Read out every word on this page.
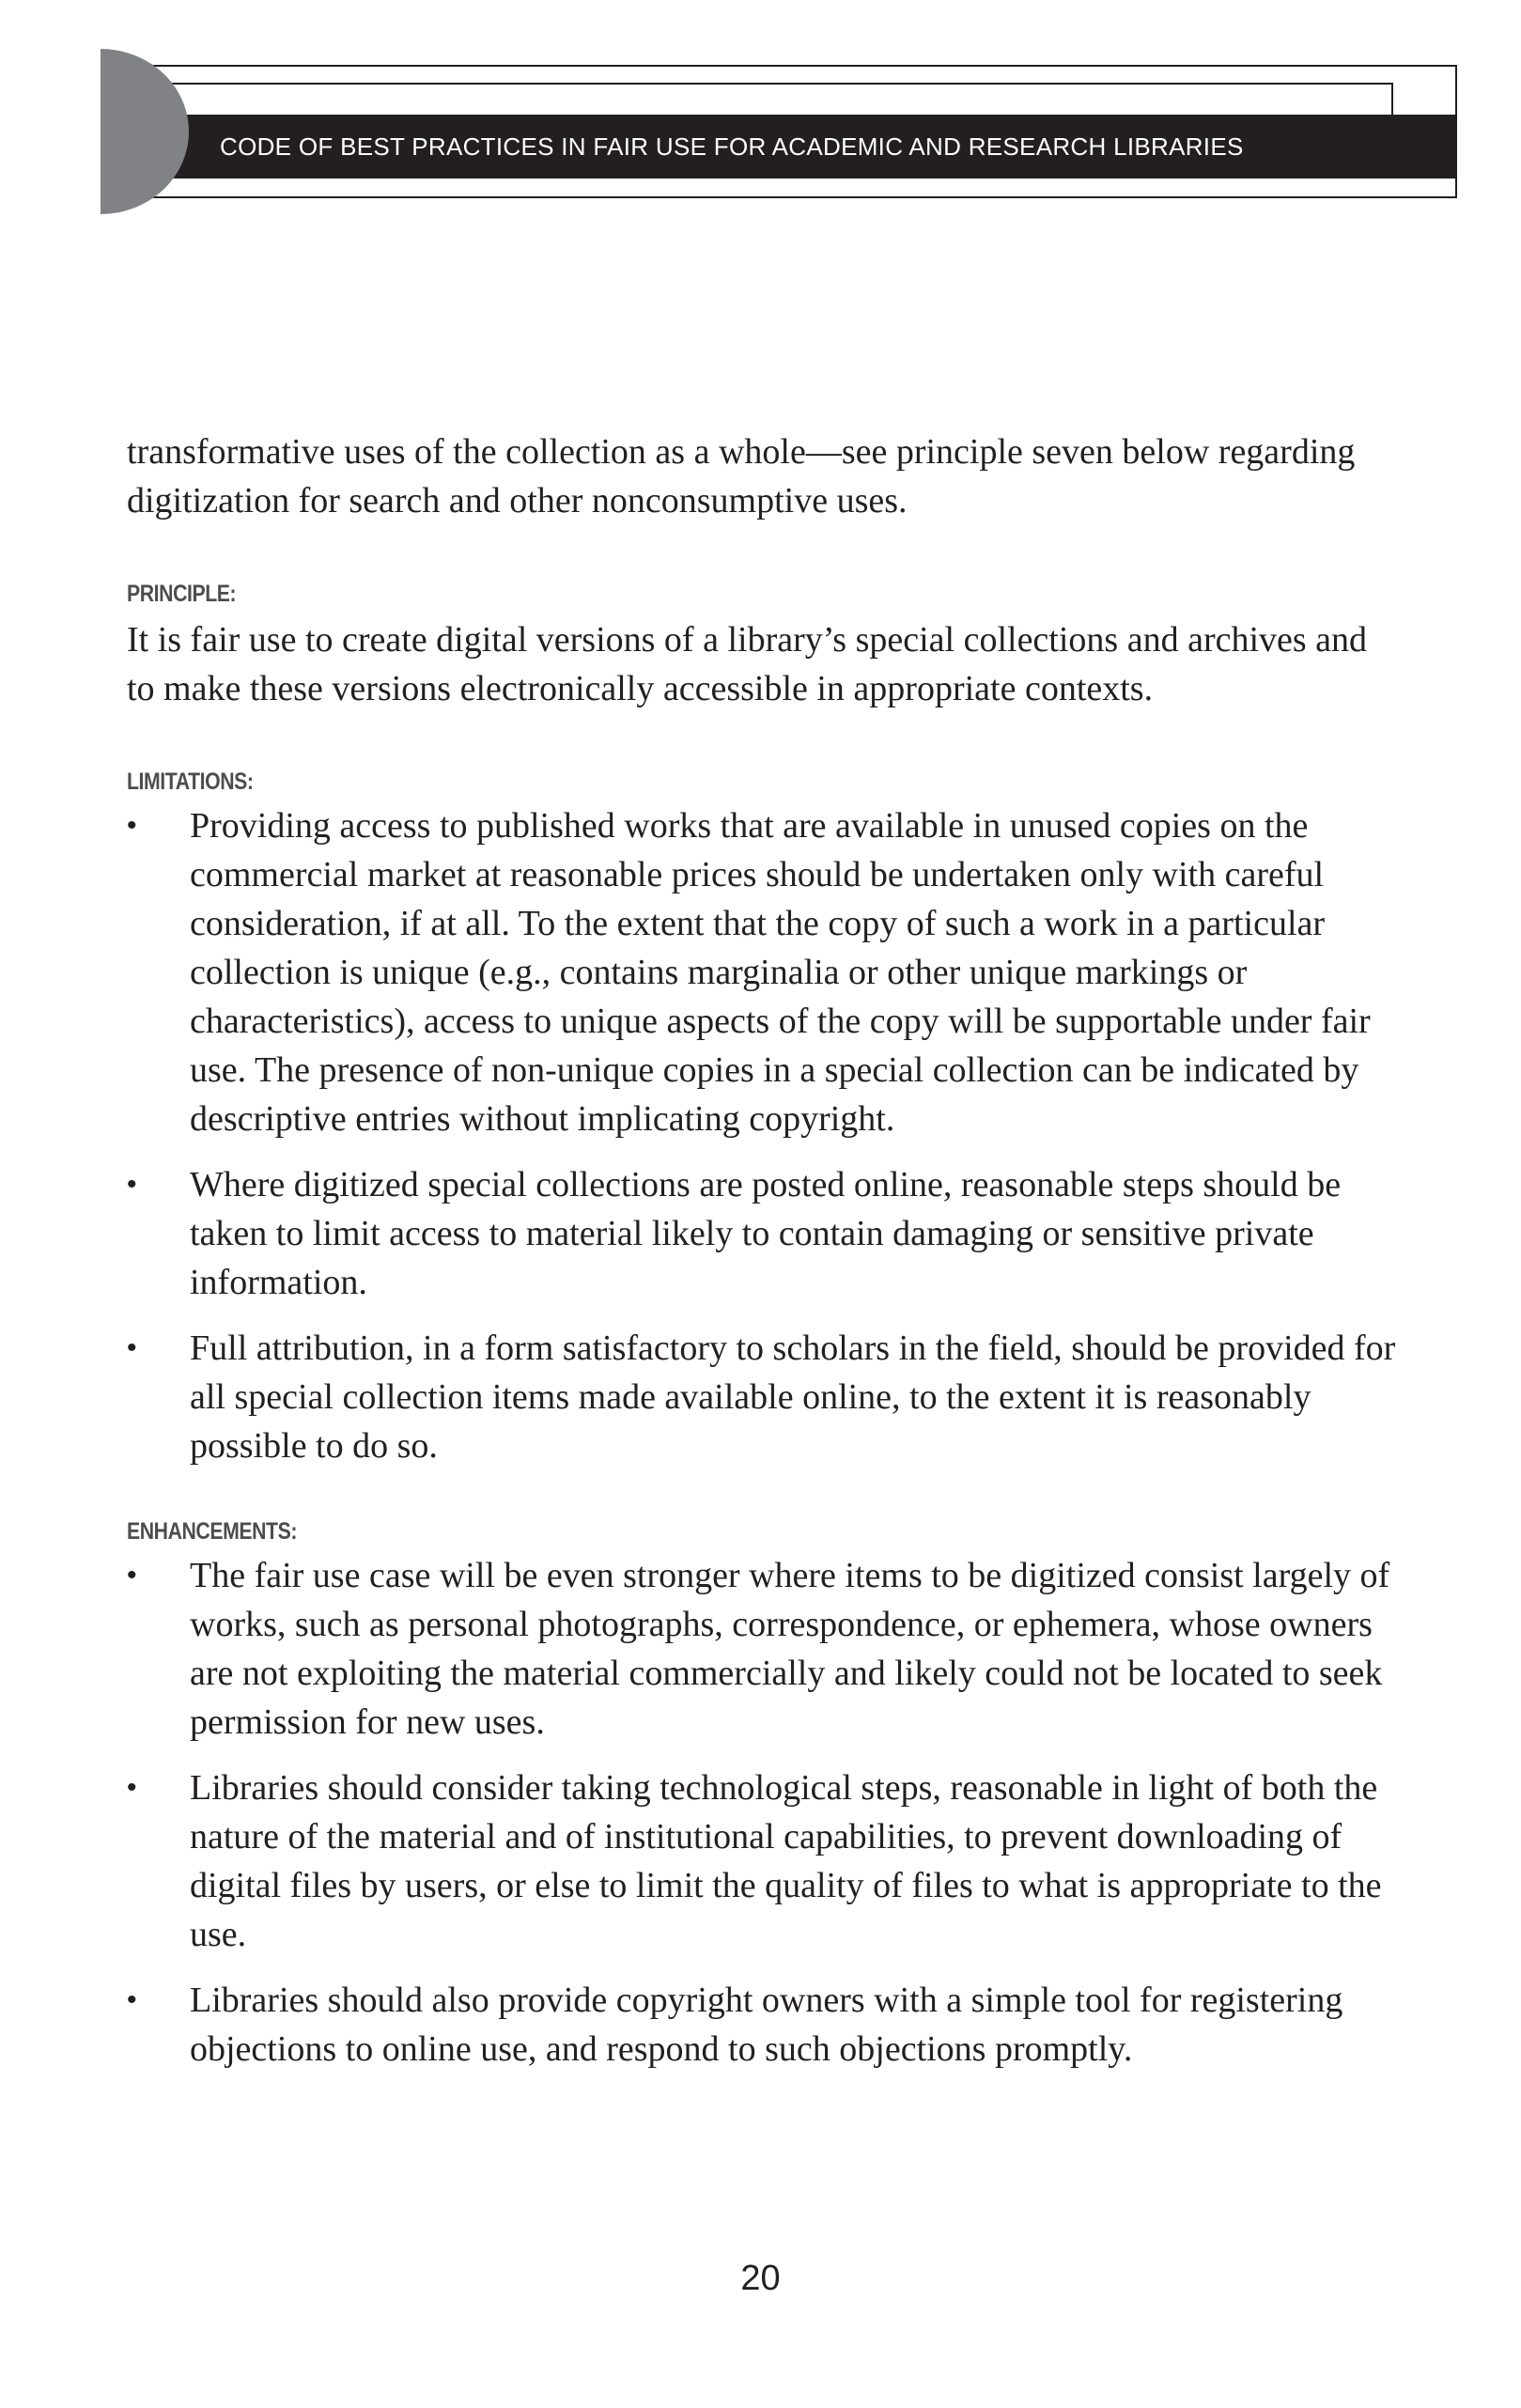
CODE OF BEST PRACTICES IN FAIR USE FOR ACADEMIC AND RESEARCH LIBRARIES

transformative uses of the collection as a whole—see principle seven below regarding digitization for search and other nonconsumptive uses.

PRINCIPLE:

It is fair use to create digital versions of a library’s special collections and archives and to make these versions electronically accessible in appropriate contexts.

LIMITATIONS:

• Providing access to published works that are available in unused copies on the commercial market at reasonable prices should be undertaken only with careful consideration, if at all. To the extent that the copy of such a work in a particular collection is unique (e.g., contains marginalia or other unique markings or characteristics), access to unique aspects of the copy will be supportable under fair use. The presence of non-unique copies in a special collection can be indicated by descriptive entries without implicating copyright.
• Where digitized special collections are posted online, reasonable steps should be taken to limit access to material likely to contain damaging or sensitive private information.
• Full attribution, in a form satisfactory to scholars in the field, should be provided for all special collection items made available online, to the extent it is reasonably possible to do so.

ENHANCEMENTS:

• The fair use case will be even stronger where items to be digitized consist largely of works, such as personal photographs, correspondence, or ephemera, whose owners are not exploiting the material commercially and likely could not be located to seek permission for new uses.
• Libraries should consider taking technological steps, reasonable in light of both the nature of the material and of institutional capabilities, to prevent downloading of digital files by users, or else to limit the quality of files to what is appropriate to the use.
• Libraries should also provide copyright owners with a simple tool for registering objections to online use, and respond to such objections promptly.
20
